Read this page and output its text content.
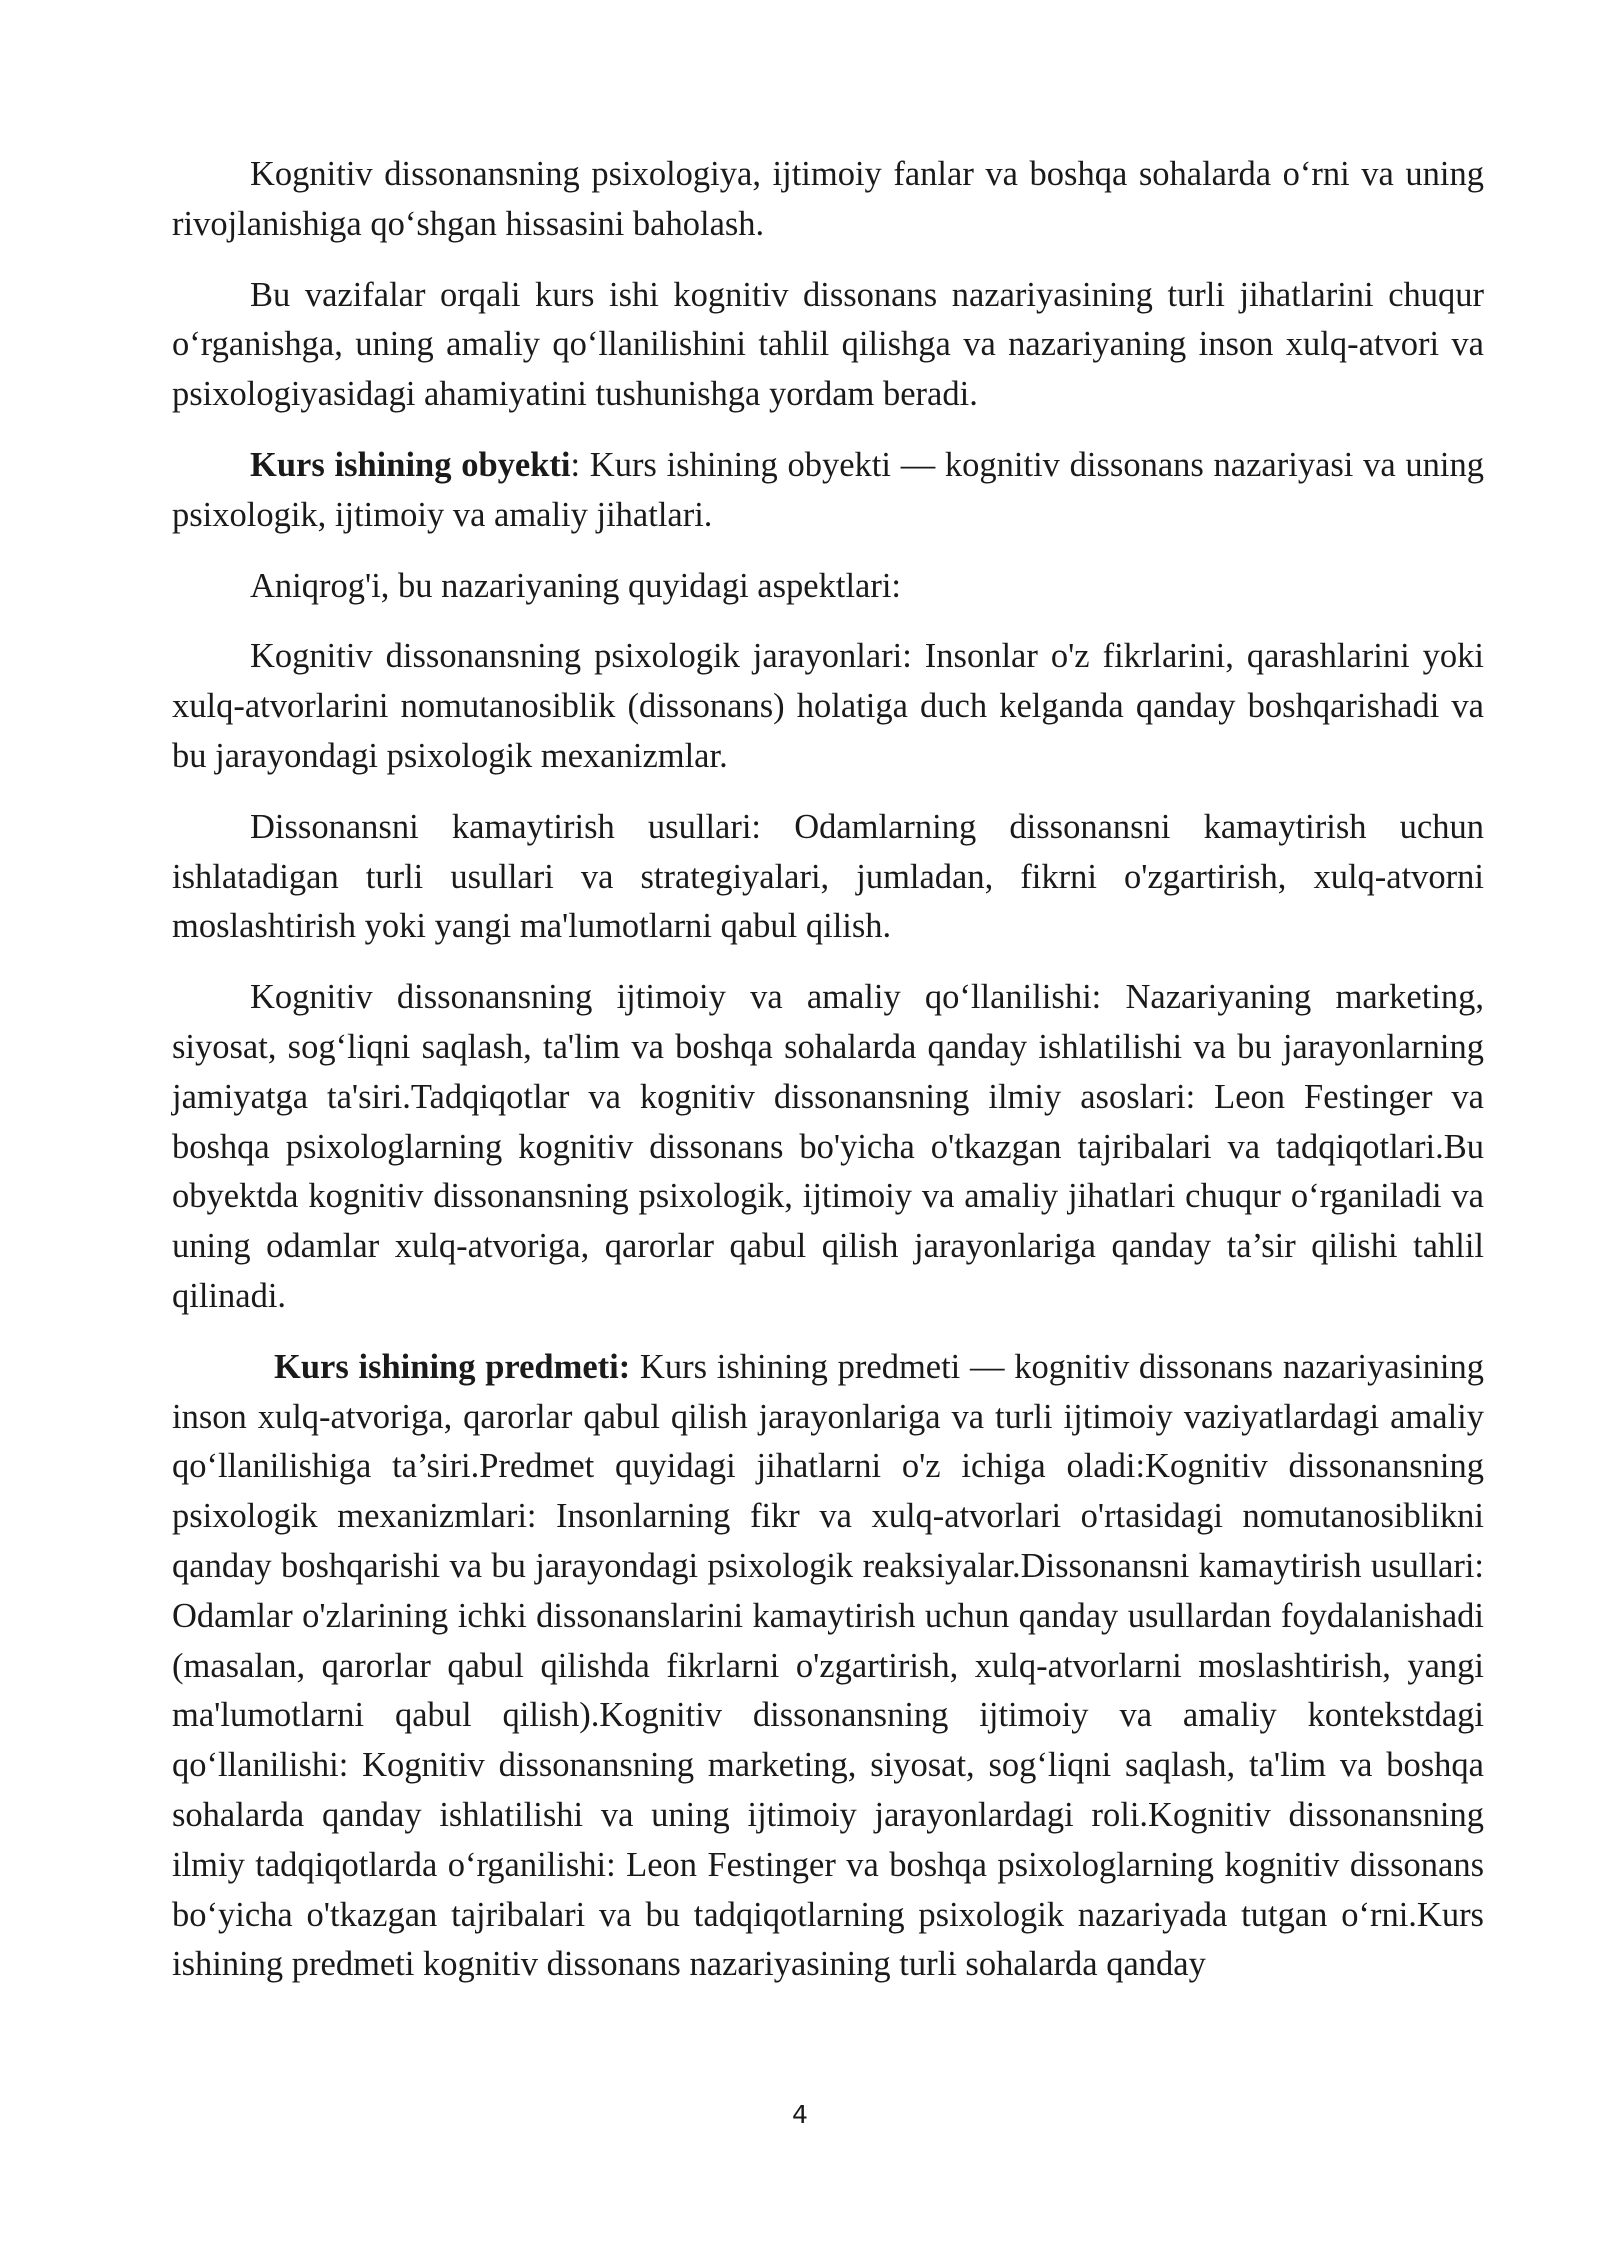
Kognitiv dissonansning psixologiya, ijtimoiy fanlar va boshqa sohalarda oʻrni va uning rivojlanishiga qoʻshgan hissasini baholash.

Bu vazifalar orqali kurs ishi kognitiv dissonans nazariyasining turli jihatlarini chuqur oʻrganishga, uning amaliy qoʻllanilishini tahlil qilishga va nazariyaning inson xulq-atvori va psixologiyasidagi ahamiyatini tushunishga yordam beradi.

Kurs ishining obyekti: Kurs ishining obyekti — kognitiv dissonans nazariyasi va uning psixologik, ijtimoiy va amaliy jihatlari.

Aniqrog'i, bu nazariyaning quyidagi aspektlari:

Kognitiv dissonansning psixologik jarayonlari: Insonlar o'z fikrlarini, qarashlarini yoki xulq-atvorlarini nomutanosiblik (dissonans) holatiga duch kelganda qanday boshqarishadi va bu jarayondagi psixologik mexanizmlar.

Dissonansni kamaytirish usullari: Odamlarning dissonansni kamaytirish uchun ishlatadigan turli usullari va strategiyalari, jumladan, fikrni o'zgartirish, xulq-atvorni moslashtirish yoki yangi ma'lumotlarni qabul qilish.

Kognitiv dissonansning ijtimoiy va amaliy qoʻllanilishi: Nazariyaning marketing, siyosat, sogʻliqni saqlash, ta'lim va boshqa sohalarda qanday ishlatilishi va bu jarayonlarning jamiyatga ta'siri.Tadqiqotlar va kognitiv dissonansning ilmiy asoslari: Leon Festinger va boshqa psixologlarning kognitiv dissonans bo'yicha o'tkazgan tajribalari va tadqiqotlari.Bu obyektda kognitiv dissonansning psixologik, ijtimoiy va amaliy jihatlari chuqur oʻrganiladi va uning odamlar xulq-atvoriga, qarorlar qabul qilish jarayonlariga qanday ta’sir qilishi tahlil qilinadi.

Kurs ishining predmeti: Kurs ishining predmeti — kognitiv dissonans nazariyasining inson xulq-atvoriga, qarorlar qabul qilish jarayonlariga va turli ijtimoiy vaziyatlardagi amaliy qoʻllanilishiga ta’siri.Predmet quyidagi jihatlarni o'z ichiga oladi:Kognitiv dissonansning psixologik mexanizmlari: Insonlarning fikr va xulq-atvorlari o'rtasidagi nomutanosiblikni qanday boshqarishi va bu jarayondagi psixologik reaksiyalar.Dissonansni kamaytirish usullari: Odamlar o'zlarining ichki dissonanslarini kamaytirish uchun qanday usullardan foydalanishadi (masalan, qarorlar qabul qilishda fikrlarni o'zgartirish, xulq-atvorlarni moslashtirish, yangi ma'lumotlarni qabul qilish).Kognitiv dissonansning ijtimoiy va amaliy kontekstdagi qoʻllanilishi: Kognitiv dissonansning marketing, siyosat, sogʻliqni saqlash, ta'lim va boshqa sohalarda qanday ishlatilishi va uning ijtimoiy jarayonlardagi roli.Kognitiv dissonansning ilmiy tadqiqotlarda oʻrganilishi: Leon Festinger va boshqa psixologlarning kognitiv dissonans boʻyicha o'tkazgan tajribalari va bu tadqiqotlarning psixologik nazariyada tutgan oʻrni.Kurs ishining predmeti kognitiv dissonans nazariyasining turli sohalarda qanday

4
